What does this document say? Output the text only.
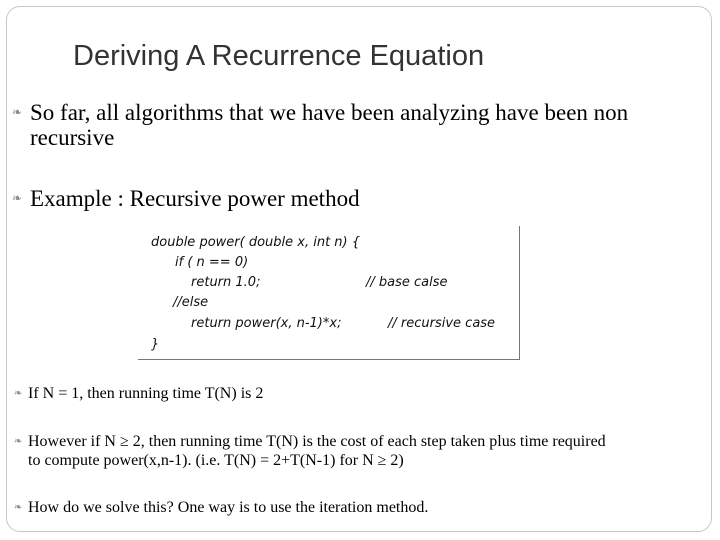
Deriving A Recurrence Equation
❧ So far, all algorithms that we have been analyzing have been non recursive
❧ Example : Recursive power method
double power( double x, int n) {
if ( n == 0)
return 1.0;	// base calse
//else
return power(x, n-1)*x;	// recursive case
}
❧ If N = 1, then running time T(N) is 2
❧ However if N ≥ 2, then running time T(N) is the cost of each step taken plus time required
to compute power(x,n-1). (i.e. T(N) = 2+T(N-1) for N ≥ 2)
❧ How do we solve this? One way is to use the iteration method.
